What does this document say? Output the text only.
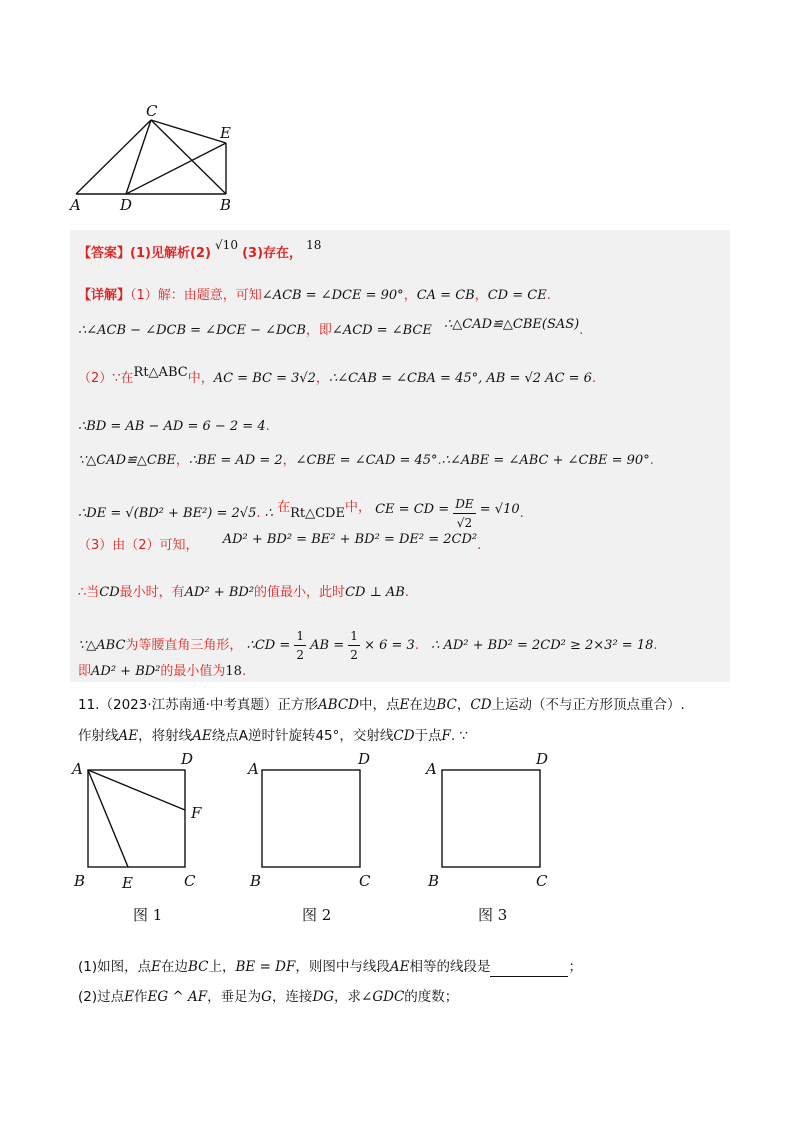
A	B
C
D
E
【答案】(1)见解析(2) √10 (3)存在， 18
【详解】（1）解：由题意，可知∠ACB = ∠DCE = 90°，CA = CB，CD = CE.
∴∠ACB − ∠DCB = ∠DCE − ∠DCB，即∠ACD = ∠BCE ∴△CAD≌△CBE(SAS).
（2）∵在Rt△ABC中，AC = BC = 3√2，∴∠CAB = ∠CBA = 45°, AB = √2 AC = 6.
∴BD = AB − AD = 6 − 2 = 4.
∵△CAD≌△CBE，∴BE = AD = 2，∠CBE = ∠CAD = 45°.∴∠ABE = ∠ABC + ∠CBE = 90°.
∴DE = √(BD² + BE²) = 2√5. ∴ 在Rt△CDE中， CE = CD = $\frac{DE}{√2} = √10$.
（3）由（2）可知， AD² + BD² = BE² + BD² = DE² = 2CD².
∴当CD最小时，有AD² + BD²的值最小，此时CD ⊥ AB.
∵△ABC为等腰直角三角形， ∴CD = $\frac{1}{2}$ AB = $\frac{1}{2} \times 6 = 3$. ∴ AD² + BD² = 2CD² ≥ 2×3² = 18.
即AD² + BD²的最小值为18.
11.（2023·江苏南通·中考真题）正方形ABCD中，点E在边BC，CD上运动（不与正方形顶点重合）.
作射线AE，将射线AE绕点A逆时针旋转45°，交射线CD于点F. ∵
A
D
F
B E	C
A
D
B	C
A
D
B	C
图 1	图 2	图 3
(1)如图，点E在边BC上，BE = DF，则图中与线段AE相等的线段是	；
(2)过点E作EG ^ AF，垂足为G，连接DG，求∠GDC的度数；
